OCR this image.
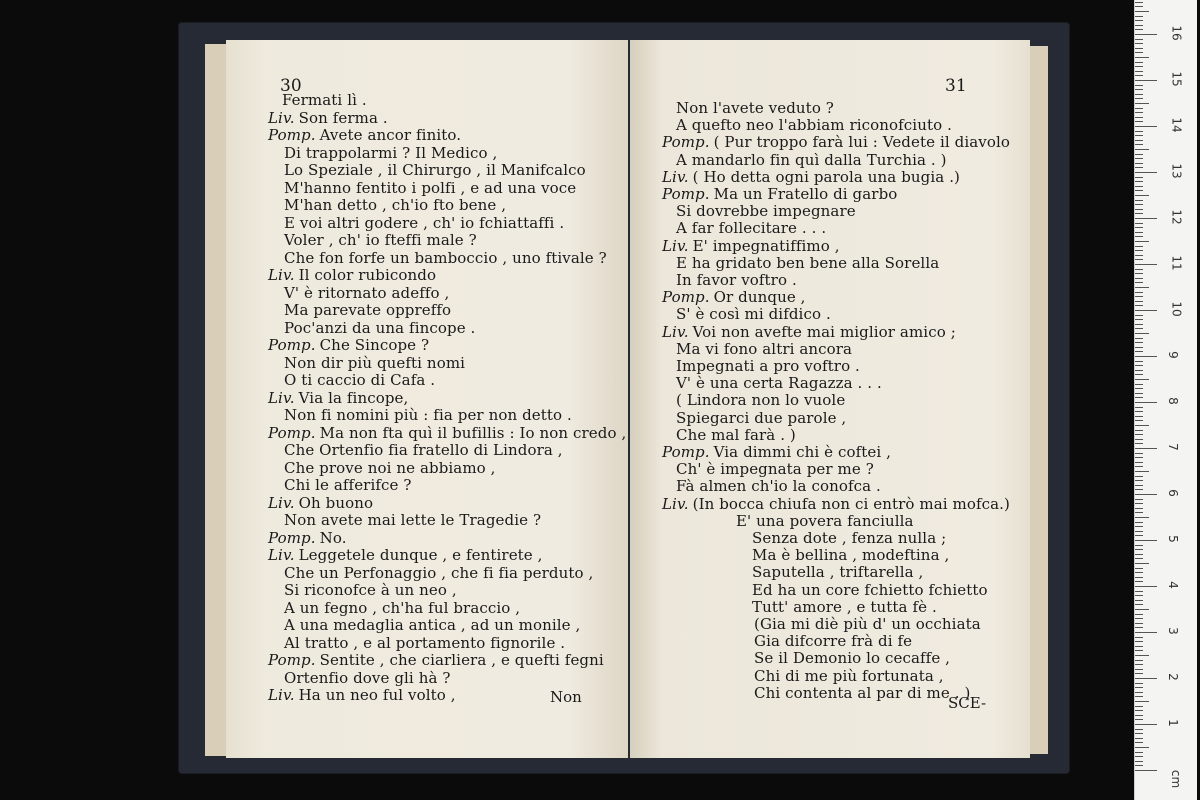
30
Fermati lì .
Liv. Son ferma .
Pomp. Avete ancor finito.
Di trappolarmi ? Il Medico ,
Lo Speziale , il Chirurgo , il Manifcalco
M'hanno fentito i polfi , e ad una voce
M'han detto , ch'io fto bene ,
E voi altri godere , ch' io fchiattaffi .
Voler , ch' io fteffi male ?
Che fon forfe un bamboccio , uno ftivale ?
Liv. Il color rubicondo
V' è ritornato adeffo ,
Ma parevate oppreffo
Poc'anzi da una fincope .
Pomp. Che Sincope ?
Non dir più quefti nomi
O ti caccio di Cafa .
Liv. Via la fincope,
Non fi nomini più : fia per non detto .
Pomp. Ma non fta quì il bufillis : Io non credo ,
Che Ortenfio fia fratello di Lindora ,
Che prove noi ne abbiamo ,
Chi le afferifce ?
Liv. Oh buono
Non avete mai lette le Tragedie ?
Pomp. No.
Liv. Leggetele dunque , e fentirete ,
Che un Perfonaggio , che fi fia perduto ,
Si riconofce à un neo ,
A un fegno , ch'ha ful braccio ,
A una medaglia antica , ad un monile ,
Al tratto , e al portamento fignorile .
Pomp. Sentite , che ciarliera , e quefti fegni
Ortenfio dove gli hà ?
Liv. Ha un neo ful volto ,	Non
31
Non l'avete veduto ?
A quefto neo l'abbiam riconofciuto .
Pomp. ( Pur troppo farà lui : Vedete il diavolo
A mandarlo fin quì dalla Turchia . )
Liv. ( Ho detta ogni parola una bugia .)
Pomp. Ma un Fratello di garbo
Si dovrebbe impegnare
A far follecitare . . .
Liv. E' impegnatiffimo ,
E ha gridato ben bene alla Sorella
In favor voftro .
Pomp. Or dunque ,
S' è così mi difdico .
Liv. Voi non avefte mai miglior amico ;
Ma vi fono altri ancora
Impegnati a pro voftro .
V' è una certa Ragazza . . .
( Lindora non lo vuole
Spiegarci due parole ,
Che mal farà . )
Pomp. Via dimmi chi è coftei ,
Ch' è impegnata per me ?
Fà almen ch'io la conofca .
Liv. (In bocca chiufa non ci entrò mai mofca.)
E' una povera fanciulla
Senza dote , fenza nulla ;
Ma è bellina , modeftina ,
Saputella , triftarella ,
Ed ha un core fchietto fchietto
Tutt' amore , e tutta fè .
(Gia mi diè più d' un occhiata
Gia difcorre frà di fe
Se il Demonio lo cecaffe ,
Chi di me più fortunata ,
Chi contenta al par di me . )
SCE-
1
2
3
4
5
6
7
8
9
10
11
12
13
14
15
16
cm
